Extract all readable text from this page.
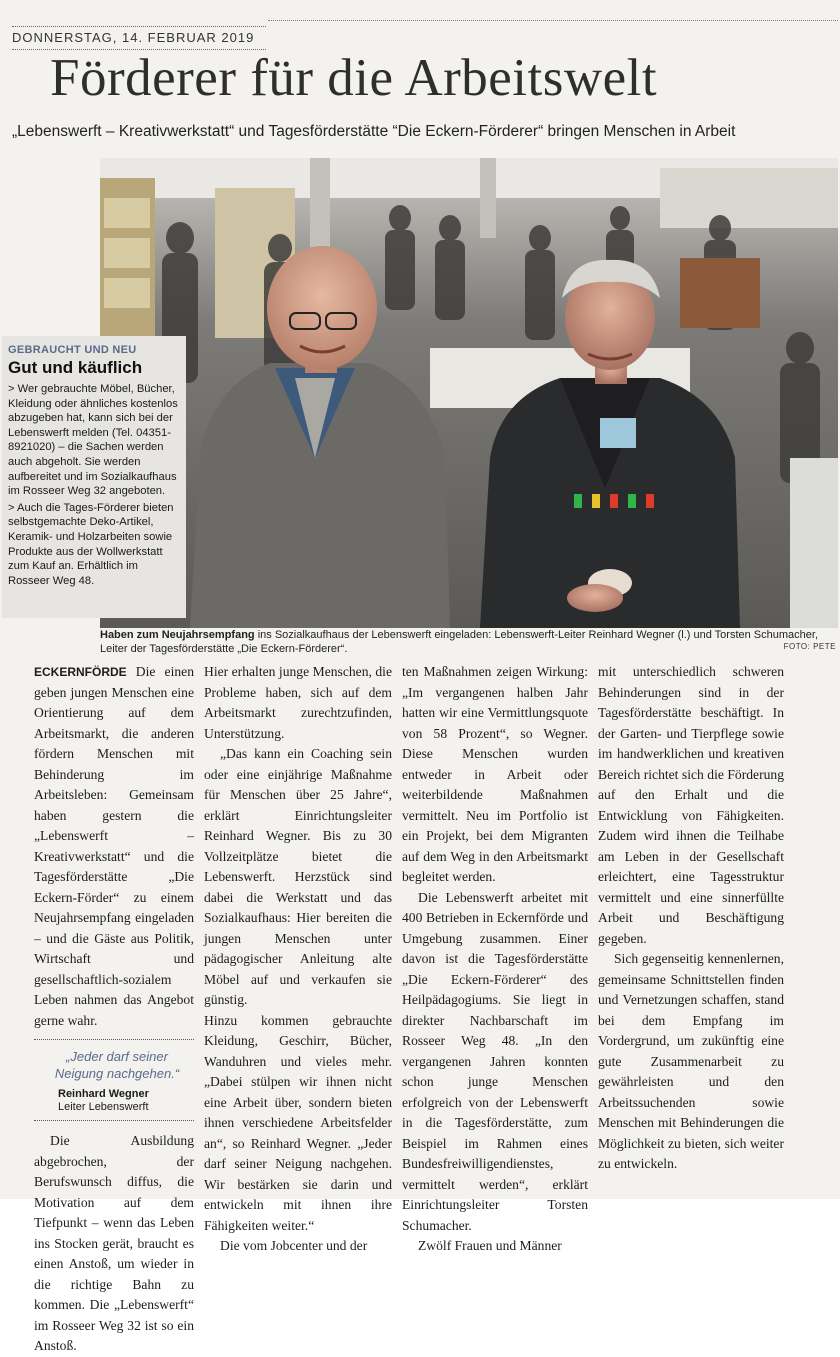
DONNERSTAG, 14. FEBRUAR 2019
Förderer für die Arbeitswelt
„Lebenswerft – Kreativwerkstatt“ und Tagesförderstätte “Die Eckern-Förderer“ bringen Menschen in Arbeit
GEBRAUCHT UND NEU
Gut und käuflich

> Wer gebrauchte Möbel, Bücher, Kleidung oder ähnliches kostenlos abzugeben hat, kann sich bei der Lebenswerft melden (Tel. 04351-8921020) – die Sachen werden auch abgeholt. Sie werden aufbereitet und im Sozialkaufhaus im Rosseer Weg 32 angeboten.

> Auch die Tages-Förderer bieten selbstgemachte Deko-Artikel, Keramik- und Holzarbeiten sowie Produkte aus der Wollwerkstatt zum Kauf an. Erhältlich im Rosseer Weg 48.

Haben zum Neujahrsempfang ins Sozialkaufhaus der Lebenswerft eingeladen: Lebenswerft-Leiter Reinhard Wegner (l.) und Torsten Schumacher, Leiter der Tagesförderstätte „Die Eckern-Förderer“.	FOTO: PETE

ECKERNFÖRDE Die einen geben jungen Menschen eine Orientierung auf dem Arbeitsmarkt, die anderen fördern Menschen mit Behinderung im Arbeitsleben: Gemeinsam haben gestern die „Lebenswerft – Kreativwerkstatt“ und die Tagesförderstätte „Die Eckern-Förder“ zu einem Neujahrsempfang eingeladen – und die Gäste aus Politik, Wirtschaft und gesellschaftlich-sozialem Leben nahmen das Angebot gerne wahr.

„Jeder darf seiner Neigung nachgehen.“
Reinhard Wegner
Leiter Lebenswerft

Die Ausbildung abgebrochen, der Berufswunsch diffus, die Motivation auf dem Tiefpunkt – wenn das Leben ins Stocken gerät, braucht es einen Anstoß, um wieder in die richtige Bahn zu kommen. Die „Lebenswerft“ im Rosseer Weg 32 ist so ein Anstoß.

Hier erhalten junge Menschen, die Probleme haben, sich auf dem Arbeitsmarkt zurechtzufinden, Unterstützung.

„Das kann ein Coaching sein oder eine einjährige Maßnahme für Menschen über 25 Jahre“, erklärt Einrichtungsleiter Reinhard Wegner. Bis zu 30 Vollzeitplätze bietet die Lebenswerft. Herzstück sind dabei die Werkstatt und das Sozialkaufhaus: Hier bereiten die jungen Menschen unter pädagogischer Anleitung alte Möbel auf und verkaufen sie günstig.

Hinzu kommen gebrauchte Kleidung, Geschirr, Bücher, Wanduhren und vieles mehr. „Dabei stülpen wir ihnen nicht eine Arbeit über, sondern bieten ihnen verschiedene Arbeitsfelder an“, so Reinhard Wegner. „Jeder darf seiner Neigung nachgehen. Wir bestärken sie darin und entwickeln mit ihnen ihre Fähigkeiten weiter.“

Die vom Jobcenter und der

ten Maßnahmen zeigen Wirkung: „Im vergangenen halben Jahr hatten wir eine Vermittlungsquote von 58 Prozent“, so Wegner. Diese Menschen wurden entweder in Arbeit oder weiterbildende Maßnahmen vermittelt. Neu im Portfolio ist ein Projekt, bei dem Migranten auf dem Weg in den Arbeitsmarkt begleitet werden.

Die Lebenswerft arbeitet mit 400 Betrieben in Eckernförde und Umgebung zusammen. Einer davon ist die Tagesförderstätte „Die Eckern-Förderer“ des Heilpädagogiums. Sie liegt in direkter Nachbarschaft im Rosseer Weg 48. „In den vergangenen Jahren konnten schon junge Menschen erfolgreich von der Lebenswerft in die Tagesförderstätte, zum Beispiel im Rahmen eines Bundesfreiwilligendienstes, vermittelt werden“, erklärt Einrichtungsleiter Torsten Schumacher.

Zwölf Frauen und Männer

mit unterschiedlich schweren Behinderungen sind in der Tagesförderstätte beschäftigt. In der Garten- und Tierpflege sowie im handwerklichen und kreativen Bereich richtet sich die Förderung auf den Erhalt und die Entwicklung von Fähigkeiten. Zudem wird ihnen die Teilhabe am Leben in der Gesellschaft erleichtert, eine Tagesstruktur vermittelt und eine sinnerfüllte Arbeit und Beschäftigung gegeben.

Sich gegenseitig kennenlernen, gemeinsame Schnittstellen finden und Vernetzungen schaffen, stand bei dem Empfang im Vordergrund, um zukünftig eine gute Zusammenarbeit zu gewährleisten und den Arbeitssuchenden sowie Menschen mit Behinderungen die Möglichkeit zu bieten, sich weiter zu entwickeln.
